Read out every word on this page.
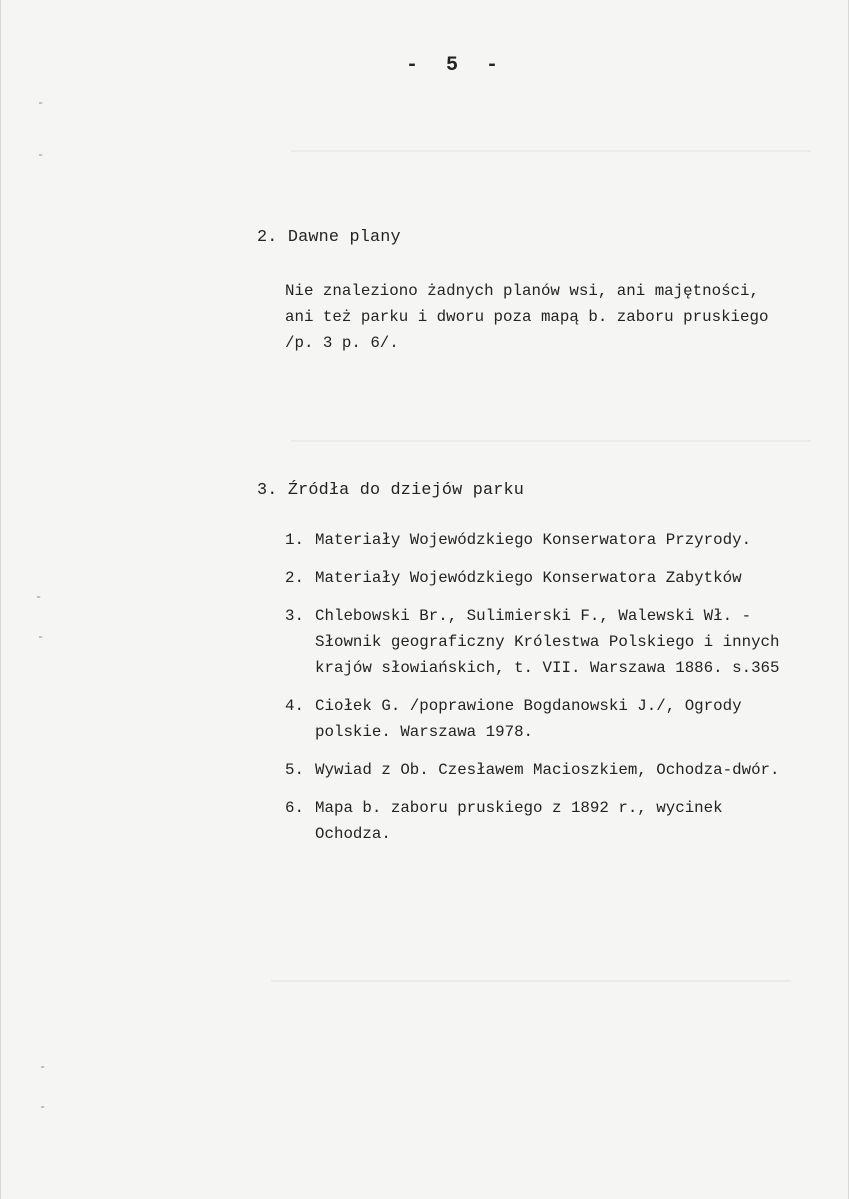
-
-
-
-
-
-
- 5 -
2. Dawne plany
Nie znaleziono żadnych planów wsi, ani majętności,
ani też parku i dworu poza mapą b. zaboru pruskiego
/p. 3 p. 6/.
3. Źródła do dziejów parku
1. Materiały Wojewódzkiego Konserwatora Przyrody.
2. Materiały Wojewódzkiego Konserwatora Zabytków
3. Chlebowski Br., Sulimierski F., Walewski Wł. -
Słownik geograficzny Królestwa Polskiego i innych
krajów słowiańskich, t. VII. Warszawa 1886. s.365
4. Ciołek G. /poprawione Bogdanowski J./, Ogrody
polskie. Warszawa 1978.
5. Wywiad z Ob. Czesławem Macioszkiem, Ochodza-dwór.
6. Mapa b. zaboru pruskiego z 1892 r., wycinek
Ochodza.
